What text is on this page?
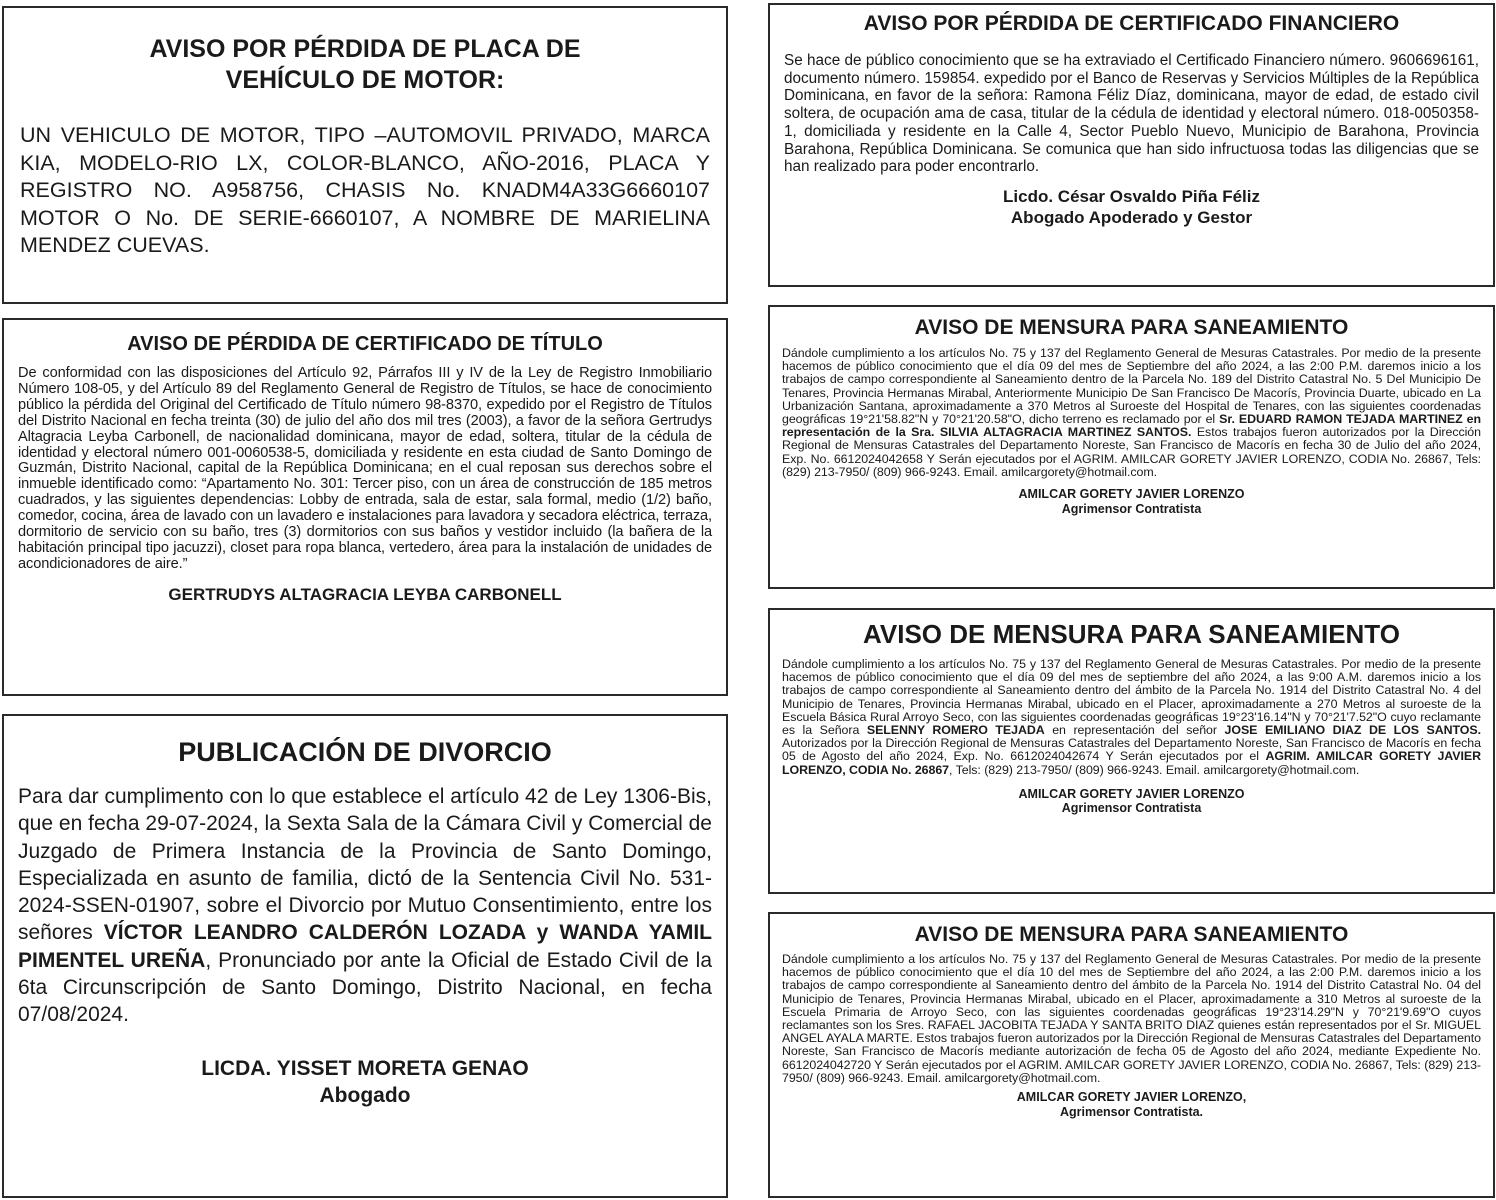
AVISO POR PÉRDIDA DE PLACA DE
VEHÍCULO DE MOTOR:
UN VEHICULO DE MOTOR, TIPO –AUTOMOVIL PRIVADO, MARCA KIA, MODELO-RIO LX, COLOR-BLANCO, AÑO-2016, PLACA Y REGISTRO NO. A958756, CHASIS No. KNADM4A33G6660107 MOTOR O No. DE SERIE-6660107, A NOMBRE DE MARIELINA MENDEZ CUEVAS.
AVISO DE PÉRDIDA DE CERTIFICADO DE TÍTULO
De conformidad con las disposiciones del Artículo 92, Párrafos III y IV de la Ley de Registro Inmobiliario Número 108-05, y del Artículo 89 del Reglamento General de Registro de Títulos, se hace de conocimiento público la pérdida del Original del Certificado de Título número 98-8370, expedido por el Registro de Títulos del Distrito Nacional en fecha treinta (30) de julio del año dos mil tres (2003), a favor de la señora Gertrudys Altagracia Leyba Carbonell, de nacionalidad dominicana, mayor de edad, soltera, titular de la cédula de identidad y electoral número 001-0060538-5, domiciliada y residente en esta ciudad de Santo Domingo de Guzmán, Distrito Nacional, capital de la República Dominicana; en el cual reposan sus derechos sobre el inmueble identificado como: “Apartamento No. 301: Tercer piso, con un área de construcción de 185 metros cuadrados, y las siguientes dependencias: Lobby de entrada, sala de estar, sala formal, medio (1/2) baño, comedor, cocina, área de lavado con un lavadero e instalaciones para lavadora y secadora eléctrica, terraza, dormitorio de servicio con su baño, tres (3) dormitorios con sus baños y vestidor incluido (la bañera de la habitación principal tipo jacuzzi), closet para ropa blanca, vertedero, área para la instalación de unidades de acondicionadores de aire.”
GERTRUDYS ALTAGRACIA LEYBA CARBONELL
PUBLICACIÓN DE DIVORCIO
Para dar cumplimento con lo que establece el artículo 42 de Ley 1306-Bis, que en fecha 29-07-2024, la Sexta Sala de la Cámara Civil y Comercial de Juzgado de Primera Instancia de la Provincia de Santo Domingo, Especializada en asunto de familia, dictó de la Sentencia Civil No. 531-2024-SSEN-01907, sobre el Divorcio por Mutuo Consentimiento, entre los señores VÍCTOR LEANDRO CALDERÓN LOZADA y WANDA YAMIL PIMENTEL UREÑA, Pronunciado por ante la Oficial de Estado Civil de la 6ta Circunscripción de Santo Domingo, Distrito Nacional, en fecha 07/08/2024.
LICDA. YISSET MORETA GENAO
Abogado
AVISO POR PÉRDIDA DE CERTIFICADO FINANCIERO
Se hace de público conocimiento que se ha extraviado el Certificado Financiero número. 9606696161, documento número. 159854. expedido por el Banco de Reservas y Servicios Múltiples de la República Dominicana, en favor de la señora: Ramona Féliz Díaz, dominicana, mayor de edad, de estado civil soltera, de ocupación ama de casa, titular de la cédula de identidad y electoral número. 018-0050358-1, domiciliada y residente en la Calle 4, Sector Pueblo Nuevo, Municipio de Barahona, Provincia Barahona, República Dominicana. Se comunica que han sido infructuosa todas las diligencias que se han realizado para poder encontrarlo.
Licdo. César Osvaldo Piña Féliz
Abogado Apoderado y Gestor
AVISO DE MENSURA PARA SANEAMIENTO
Dándole cumplimiento a los artículos No. 75 y 137 del Reglamento General de Mesuras Catastrales. Por medio de la presente hacemos de público conocimiento que el día 09 del mes de Septiembre del año 2024, a las 2:00 P.M. daremos inicio a los trabajos de campo correspondiente al Saneamiento dentro de la Parcela No. 189 del Distrito Catastral No. 5 Del Municipio De Tenares, Provincia Hermanas Mirabal, Anteriormente Municipio De San Francisco De Macorís, Provincia Duarte, ubicado en La Urbanización Santana, aproximadamente a 370 Metros al Suroeste del Hospital de Tenares, con las siguientes coordenadas geográficas 19°21'58.82"N y 70°21'20.58"O, dicho terreno es reclamado por el Sr. EDUARD RAMON TEJADA MARTINEZ en representación de la Sra. SILVIA ALTAGRACIA MARTINEZ SANTOS. Estos trabajos fueron autorizados por la Dirección Regional de Mensuras Catastrales del Departamento Noreste, San Francisco de Macorís en fecha 30 de Julio del año 2024, Exp. No. 6612024042658 Y Serán ejecutados por el AGRIM. AMILCAR GORETY JAVIER LORENZO, CODIA No. 26867, Tels: (829) 213-7950/ (809) 966-9243. Email. amilcargorety@hotmail.com.
AMILCAR GORETY JAVIER LORENZO
Agrimensor Contratista
AVISO DE MENSURA PARA SANEAMIENTO
Dándole cumplimiento a los artículos No. 75 y 137 del Reglamento General de Mesuras Catastrales. Por medio de la presente hacemos de público conocimiento que el día 09 del mes de septiembre del año 2024, a las 9:00 A.M. daremos inicio a los trabajos de campo correspondiente al Saneamiento dentro del ámbito de la Parcela No. 1914 del Distrito Catastral No. 4 del Municipio de Tenares, Provincia Hermanas Mirabal, ubicado en el Placer, aproximadamente a 270 Metros al suroeste de la Escuela Básica Rural Arroyo Seco, con las siguientes coordenadas geográficas 19°23'16.14"N y 70°21'7.52"O cuyo reclamante es la Señora SELENNY ROMERO TEJADA en representación del señor JOSE EMILIANO DIAZ DE LOS SANTOS. Autorizados por la Dirección Regional de Mensuras Catastrales del Departamento Noreste, San Francisco de Macorís en fecha 05 de Agosto del año 2024, Exp. No. 6612024042674 Y Serán ejecutados por el AGRIM. AMILCAR GORETY JAVIER LORENZO, CODIA No. 26867, Tels: (829) 213-7950/ (809) 966-9243. Email. amilcargorety@hotmail.com.
AMILCAR GORETY JAVIER LORENZO
Agrimensor Contratista
AVISO DE MENSURA PARA SANEAMIENTO
Dándole cumplimiento a los artículos No. 75 y 137 del Reglamento General de Mesuras Catastrales. Por medio de la presente hacemos de público conocimiento que el día 10 del mes de Septiembre del año 2024, a las 2:00 P.M. daremos inicio a los trabajos de campo correspondiente al Saneamiento dentro del ámbito de la Parcela No. 1914 del Distrito Catastral No. 04 del Municipio de Tenares, Provincia Hermanas Mirabal, ubicado en el Placer, aproximadamente a 310 Metros al suroeste de la Escuela Primaria de Arroyo Seco, con las siguientes coordenadas geográficas 19°23'14.29"N y 70°21'9.69"O cuyos reclamantes son los Sres. RAFAEL JACOBITA TEJADA Y SANTA BRITO DIAZ quienes están representados por el Sr. MIGUEL ANGEL AYALA MARTE. Estos trabajos fueron autorizados por la Dirección Regional de Mensuras Catastrales del Departamento Noreste, San Francisco de Macorís mediante autorización de fecha 05 de Agosto del año 2024, mediante Expediente No. 6612024042720 Y Serán ejecutados por el AGRIM. AMILCAR GORETY JAVIER LORENZO, CODIA No. 26867, Tels: (829) 213-7950/ (809) 966-9243. Email. amilcargorety@hotmail.com.
AMILCAR GORETY JAVIER LORENZO,
Agrimensor Contratista.
